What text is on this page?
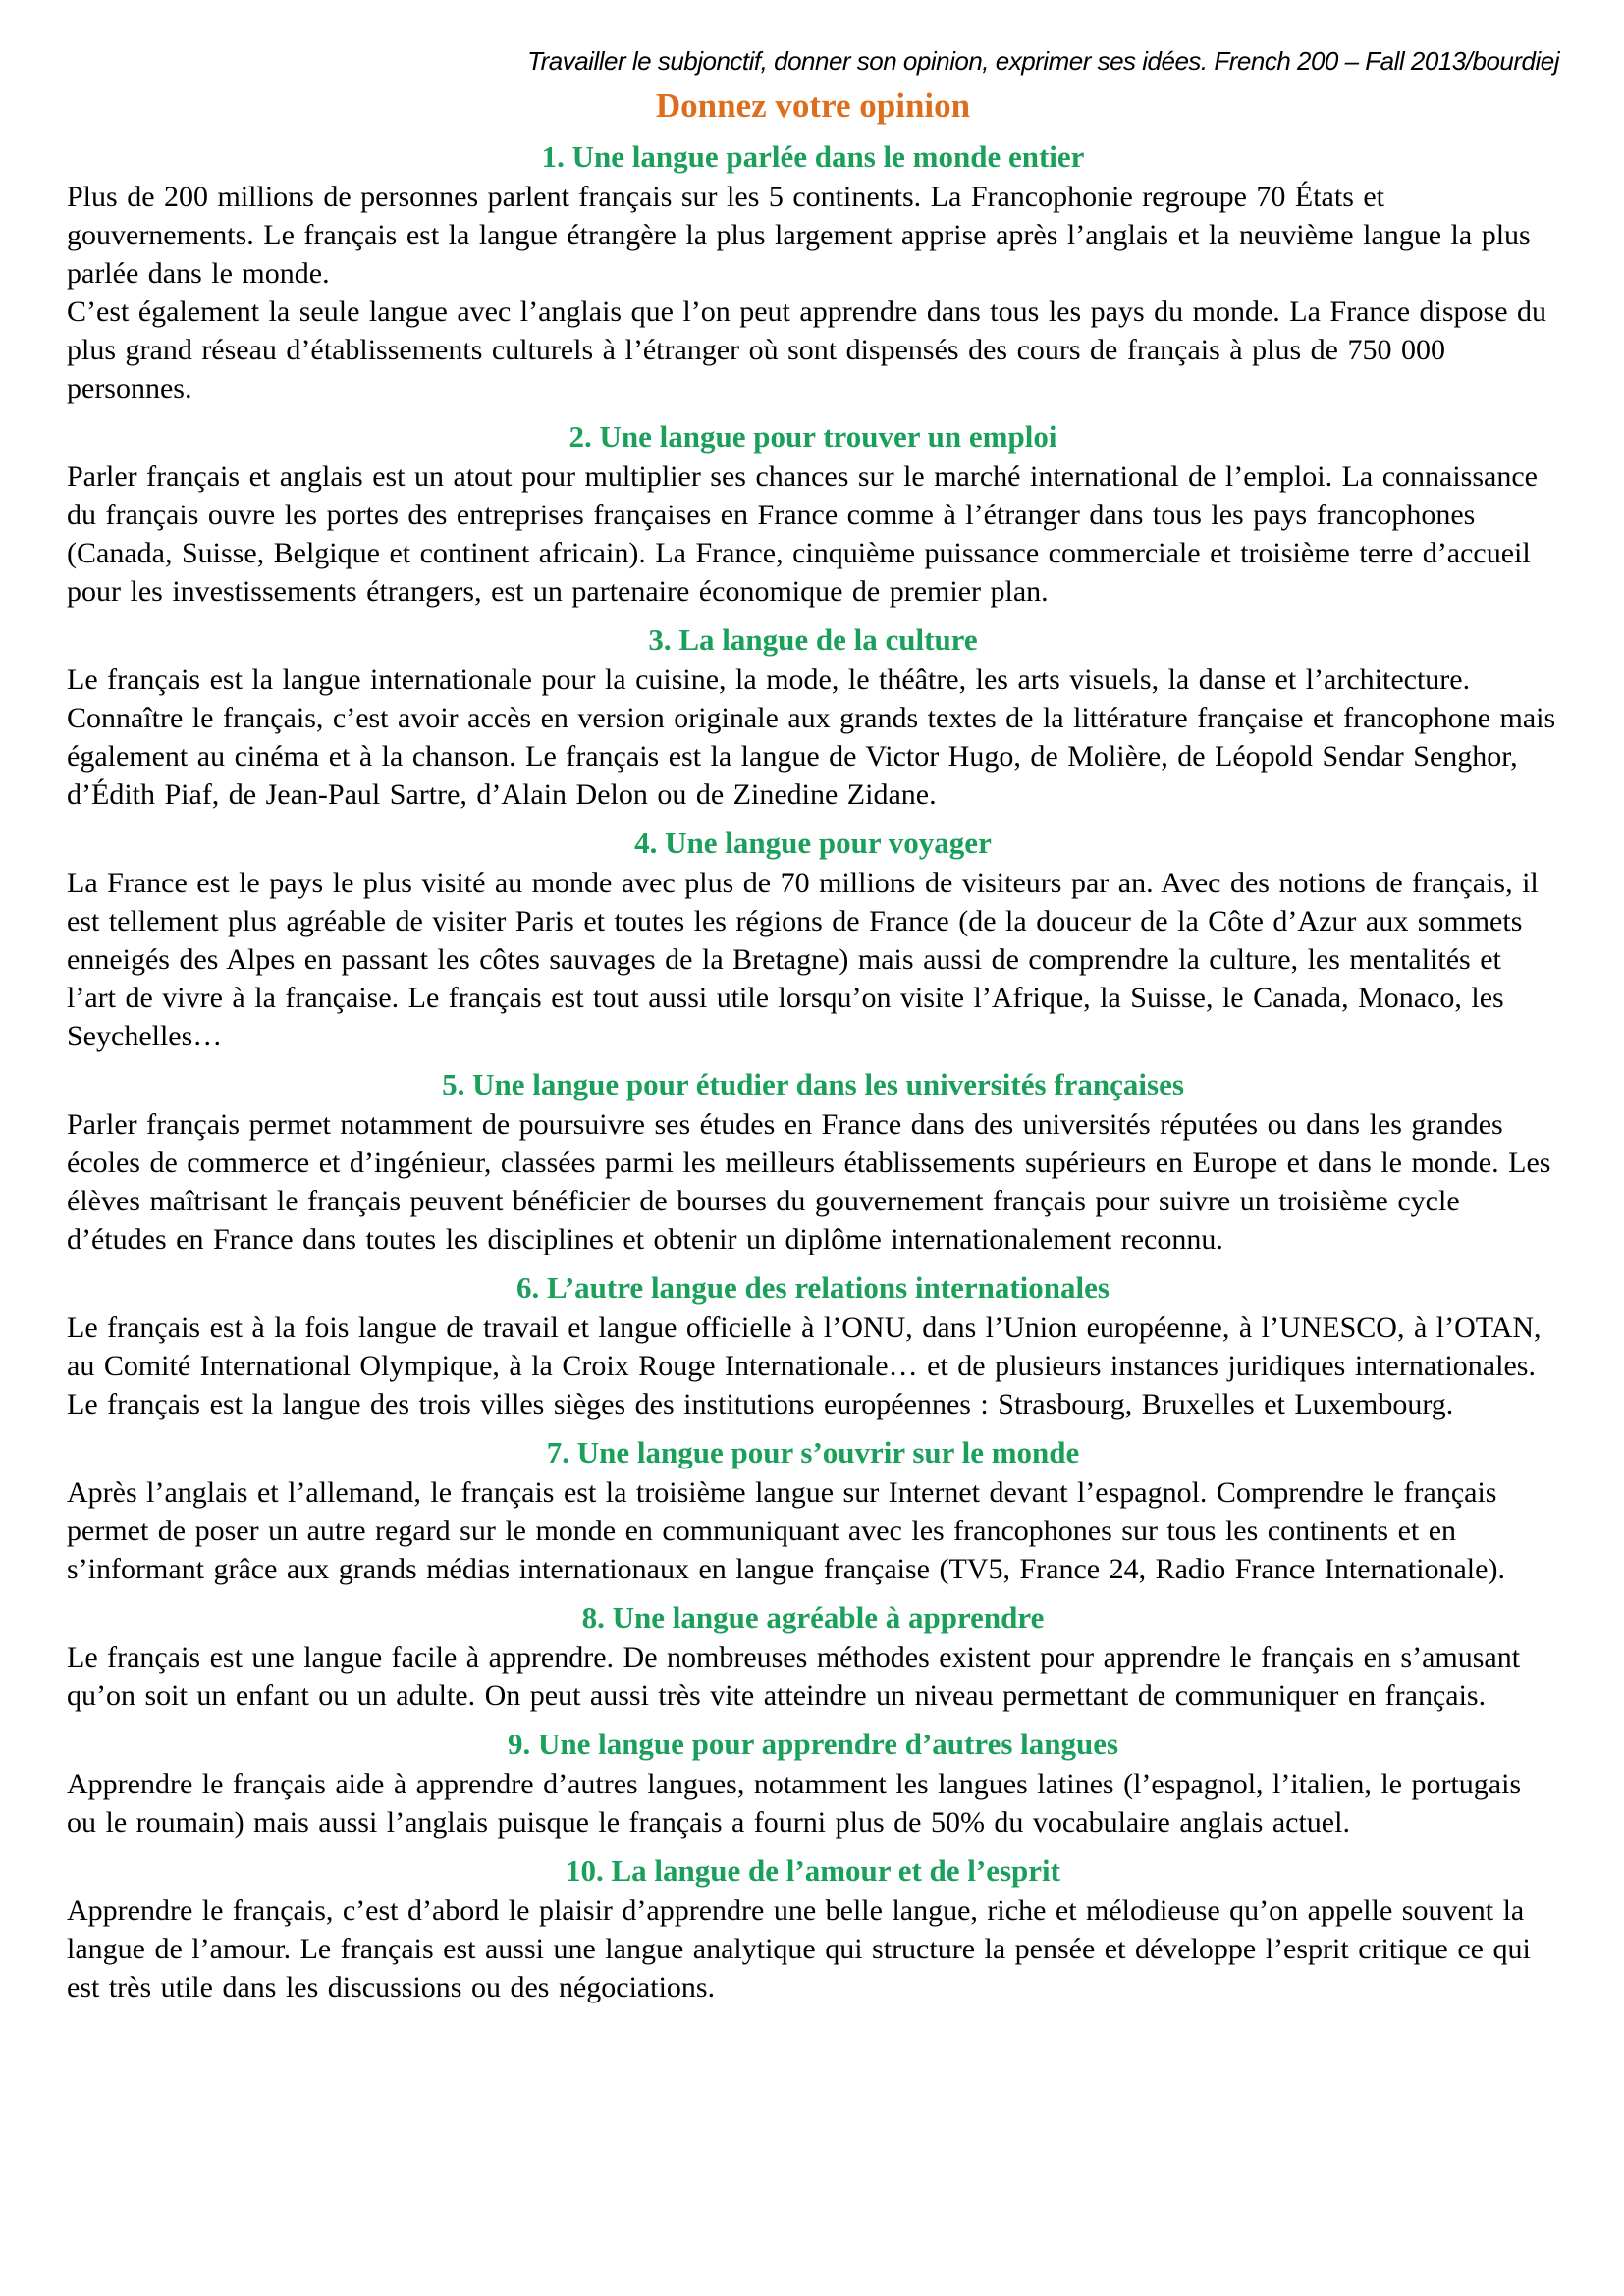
Travailler le subjonctif, donner son opinion, exprimer ses idées. French 200 – Fall 2013/bourdiej
Donnez votre opinion
1. Une langue parlée dans le monde entier

Plus de 200 millions de personnes parlent français sur les 5 continents. La Francophonie regroupe 70 États et gouvernements. Le français est la langue étrangère la plus largement apprise après l’anglais et la neuvième langue la plus parlée dans le monde.

C’est également la seule langue avec l’anglais que l’on peut apprendre dans tous les pays du monde. La France dispose du plus grand réseau d’établissements culturels à l’étranger où sont dispensés des cours de français à plus de 750 000 personnes.

2. Une langue pour trouver un emploi

Parler français et anglais est un atout pour multiplier ses chances sur le marché international de l’emploi. La connaissance du français ouvre les portes des entreprises françaises en France comme à l’étranger dans tous les pays francophones (Canada, Suisse, Belgique et continent africain). La France, cinquième puissance commerciale et troisième terre d’accueil pour les investissements étrangers, est un partenaire économique de premier plan.

3. La langue de la culture

Le français est la langue internationale pour la cuisine, la mode, le théâtre, les arts visuels, la danse et l’architecture. Connaître le français, c’est avoir accès en version originale aux grands textes de la littérature française et francophone mais également au cinéma et à la chanson. Le français est la langue de Victor Hugo, de Molière, de Léopold Sendar Senghor, d’Édith Piaf, de Jean-Paul Sartre, d’Alain Delon ou de Zinedine Zidane.

4. Une langue pour voyager

La France est le pays le plus visité au monde avec plus de 70 millions de visiteurs par an. Avec des notions de français, il est tellement plus agréable de visiter Paris et toutes les régions de France (de la douceur de la Côte d’Azur aux sommets enneigés des Alpes en passant les côtes sauvages de la Bretagne) mais aussi de comprendre la culture, les mentalités et l’art de vivre à la française. Le français est tout aussi utile lorsqu’on visite l’Afrique, la Suisse, le Canada, Monaco, les Seychelles…

5. Une langue pour étudier dans les universités françaises

Parler français permet notamment de poursuivre ses études en France dans des universités réputées ou dans les grandes écoles de commerce et d’ingénieur, classées parmi les meilleurs établissements supérieurs en Europe et dans le monde. Les élèves maîtrisant le français peuvent bénéficier de bourses du gouvernement français pour suivre un troisième cycle d’études en France dans toutes les disciplines et obtenir un diplôme internationalement reconnu.

6. L’autre langue des relations internationales

Le français est à la fois langue de travail et langue officielle à l’ONU, dans l’Union européenne, à l’UNESCO, à l’OTAN, au Comité International Olympique, à la Croix Rouge Internationale… et de plusieurs instances juridiques internationales. Le français est la langue des trois villes sièges des institutions européennes : Strasbourg, Bruxelles et Luxembourg.

7. Une langue pour s’ouvrir sur le monde

Après l’anglais et l’allemand, le français est la troisième langue sur Internet devant l’espagnol. Comprendre le français permet de poser un autre regard sur le monde en communiquant avec les francophones sur tous les continents et en s’informant grâce aux grands médias internationaux en langue française (TV5, France 24, Radio France Internationale).

8. Une langue agréable à apprendre

Le français est une langue facile à apprendre. De nombreuses méthodes existent pour apprendre le français en s’amusant qu’on soit un enfant ou un adulte. On peut aussi très vite atteindre un niveau permettant de communiquer en français.

9. Une langue pour apprendre d’autres langues

Apprendre le français aide à apprendre d’autres langues, notamment les langues latines (l’espagnol, l’italien, le portugais ou le roumain) mais aussi l’anglais puisque le français a fourni plus de 50% du vocabulaire anglais actuel.

10. La langue de l’amour et de l’esprit

Apprendre le français, c’est d’abord le plaisir d’apprendre une belle langue, riche et mélodieuse qu’on appelle souvent la langue de l’amour. Le français est aussi une langue analytique qui structure la pensée et développe l’esprit critique ce qui est très utile dans les discussions ou des négociations.
